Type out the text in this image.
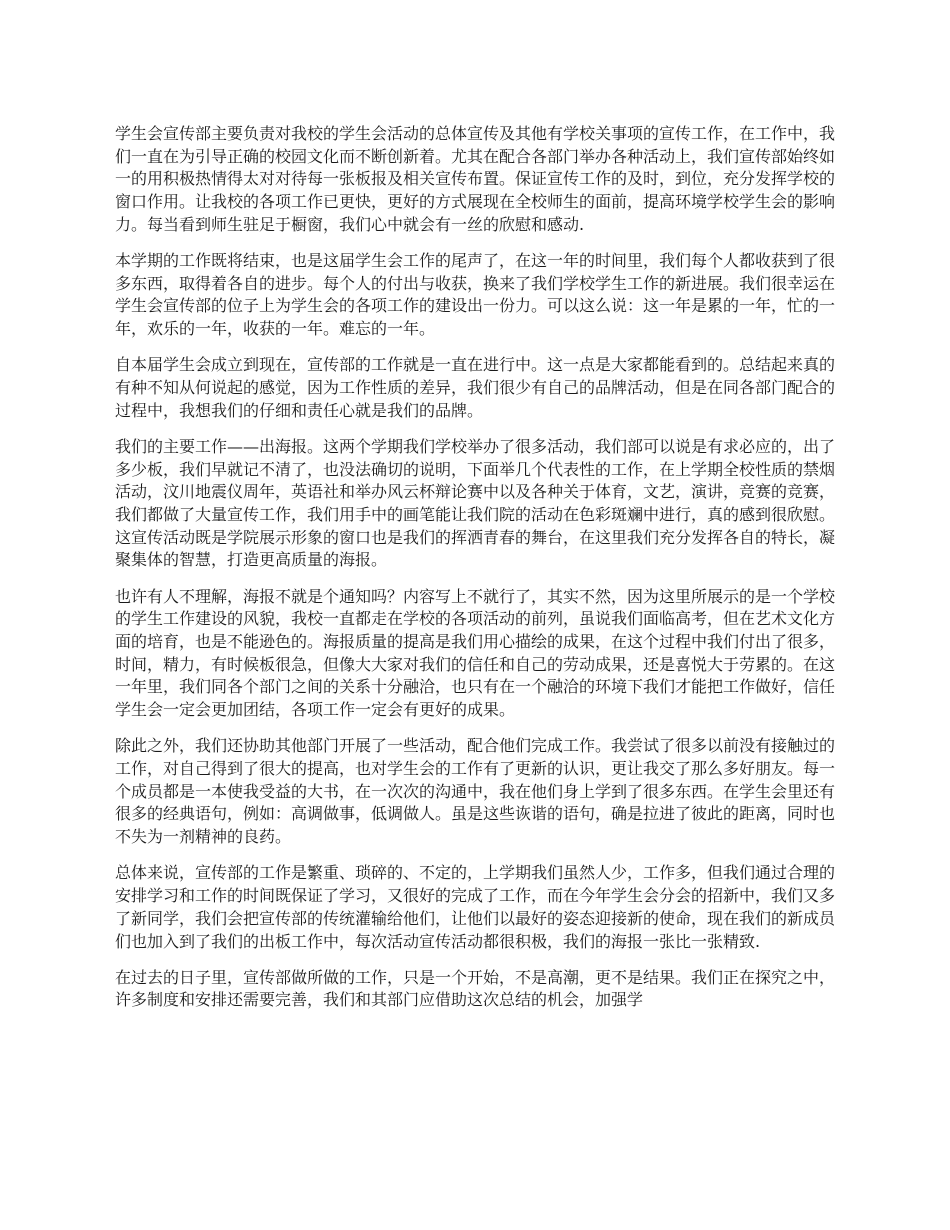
学生会宣传部主要负责对我校的学生会活动的总体宣传及其他有学校关事项的宣传工作，在工作中，我们一直在为引导正确的校园文化而不断创新着。尤其在配合各部门举办各种活动上，我们宣传部始终如一的用积极热情得太对对待每一张板报及相关宣传布置。保证宣传工作的及时，到位，充分发挥学校的窗口作用。让我校的各项工作已更快，更好的方式展现在全校师生的面前，提高环境学校学生会的影响力。每当看到师生驻足于橱窗，我们心中就会有一丝的欣慰和感动.

本学期的工作既将结束，也是这届学生会工作的尾声了，在这一年的时间里，我们每个人都收获到了很多东西，取得着各自的进步。每个人的付出与收获，换来了我们学校学生工作的新进展。我们很幸运在学生会宣传部的位子上为学生会的各项工作的建设出一份力。可以这么说：这一年是累的一年，忙的一年，欢乐的一年，收获的一年。难忘的一年。

自本届学生会成立到现在，宣传部的工作就是一直在进行中。这一点是大家都能看到的。总结起来真的有种不知从何说起的感觉，因为工作性质的差异，我们很少有自己的品牌活动，但是在同各部门配合的过程中，我想我们的仔细和责任心就是我们的品牌。

我们的主要工作——出海报。这两个学期我们学校举办了很多活动，我们部可以说是有求必应的，出了多少板，我们早就记不清了，也没法确切的说明，下面举几个代表性的工作，在上学期全校性质的禁烟活动，汶川地震仪周年，英语社和举办风云杯辩论赛中以及各种关于体育，文艺，演讲，竞赛的竞赛，我们都做了大量宣传工作，我们用手中的画笔能让我们院的活动在色彩斑斓中进行，真的感到很欣慰。这宣传活动既是学院展示形象的窗口也是我们的挥洒青春的舞台，在这里我们充分发挥各自的特长，凝聚集体的智慧，打造更高质量的海报。

也许有人不理解，海报不就是个通知吗？内容写上不就行了，其实不然，因为这里所展示的是一个学校的学生工作建设的风貌，我校一直都走在学校的各项活动的前列，虽说我们面临高考，但在艺术文化方面的培育，也是不能逊色的。海报质量的提高是我们用心描绘的成果，在这个过程中我们付出了很多，时间，精力，有时候板很急，但像大大家对我们的信任和自己的劳动成果，还是喜悦大于劳累的。在这一年里，我们同各个部门之间的关系十分融洽，也只有在一个融洽的环境下我们才能把工作做好，信任学生会一定会更加团结，各项工作一定会有更好的成果。

除此之外，我们还协助其他部门开展了一些活动，配合他们完成工作。我尝试了很多以前没有接触过的工作，对自己得到了很大的提高，也对学生会的工作有了更新的认识，更让我交了那么多好朋友。每一个成员都是一本使我受益的大书，在一次次的沟通中，我在他们身上学到了很多东西。在学生会里还有很多的经典语句，例如：高调做事，低调做人。虽是这些诙谐的语句，确是拉进了彼此的距离，同时也不失为一剂精神的良药。

总体来说，宣传部的工作是繁重、琐碎的、不定的，上学期我们虽然人少，工作多，但我们通过合理的安排学习和工作的时间既保证了学习，又很好的完成了工作，而在今年学生会分会的招新中，我们又多了新同学，我们会把宣传部的传统灌输给他们，让他们以最好的姿态迎接新的使命，现在我们的新成员们也加入到了我们的出板工作中，每次活动宣传活动都很积极，我们的海报一张比一张精致.

在过去的日子里，宣传部做所做的工作，只是一个开始，不是高潮，更不是结果。我们正在探究之中，许多制度和安排还需要完善，我们和其部门应借助这次总结的机会，加强学
